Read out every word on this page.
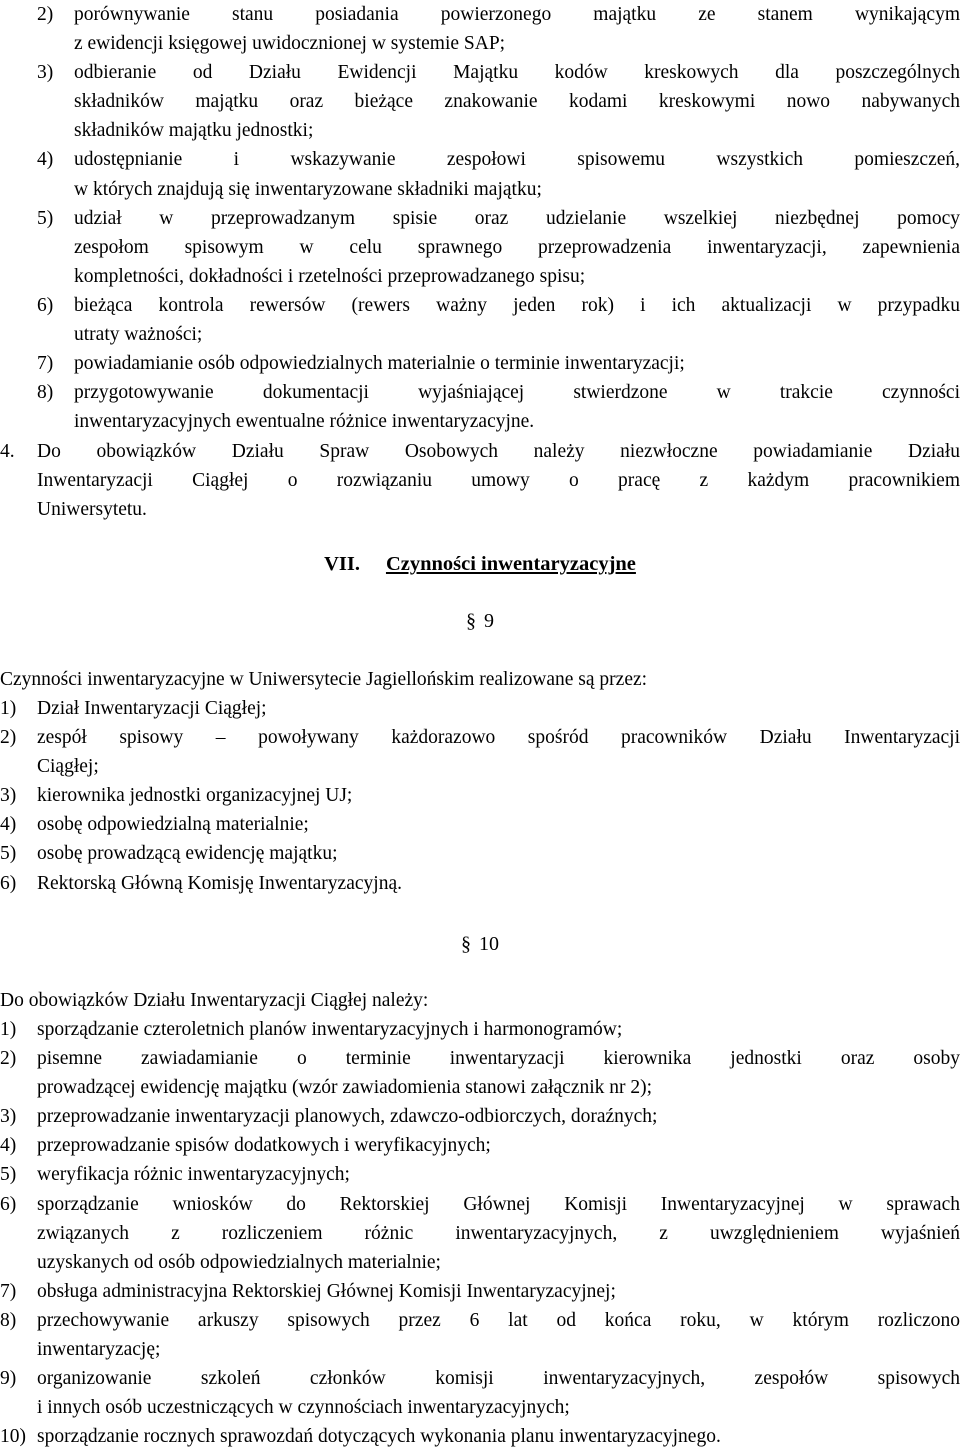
2)	porównywanie stanu posiadania powierzonego majątku ze stanem wynikającym
z ewidencji księgowej uwidocznionej w systemie SAP;
3)	odbieranie od Działu Ewidencji Majątku kodów kreskowych dla poszczególnych
składników majątku oraz bieżące znakowanie kodami kreskowymi nowo nabywanych
składników majątku jednostki;
4)	udostępnianie i wskazywanie zespołowi spisowemu wszystkich pomieszczeń,
w których znajdują się inwentaryzowane składniki majątku;
5)	udział w przeprowadzanym spisie oraz udzielanie wszelkiej niezbędnej pomocy
zespołom spisowym w celu sprawnego przeprowadzenia inwentaryzacji, zapewnienia
kompletności, dokładności i rzetelności przeprowadzanego spisu;
6)	bieżąca kontrola rewersów (rewers ważny jeden rok) i ich aktualizacji w przypadku
utraty ważności;
7)	powiadamianie osób odpowiedzialnych materialnie o terminie inwentaryzacji;
8)	przygotowywanie dokumentacji wyjaśniającej stwierdzone w trakcie czynności
inwentaryzacyjnych ewentualne różnice inwentaryzacyjne.
4.	Do obowiązków Działu Spraw Osobowych należy niezwłoczne powiadamianie Działu
Inwentaryzacji Ciągłej o rozwiązaniu umowy o pracę z każdym pracownikiem
Uniwersytetu.
VII. Czynności inwentaryzacyjne
§ 9

Czynności inwentaryzacyjne w Uniwersytecie Jagiellońskim realizowane są przez:

1)	Dział Inwentaryzacji Ciągłej;
2)	zespół spisowy – powoływany każdorazowo spośród pracowników Działu Inwentaryzacji
Ciągłej;
3)	kierownika jednostki organizacyjnej UJ;
4)	osobę odpowiedzialną materialnie;
5)	osobę prowadzącą ewidencję majątku;
6)	Rektorską Główną Komisję Inwentaryzacyjną.
§ 10

Do obowiązków Działu Inwentaryzacji Ciągłej należy:

1)	sporządzanie czteroletnich planów inwentaryzacyjnych i harmonogramów;
2)	pisemne zawiadamianie o terminie inwentaryzacji kierownika jednostki oraz osoby
prowadzącej ewidencję majątku (wzór zawiadomienia stanowi załącznik nr 2);
3)	przeprowadzanie inwentaryzacji planowych, zdawczo-odbiorczych, doraźnych;
4)	przeprowadzanie spisów dodatkowych i weryfikacyjnych;
5)	weryfikacja różnic inwentaryzacyjnych;
6)	sporządzanie wniosków do Rektorskiej Głównej Komisji Inwentaryzacyjnej w sprawach
związanych z rozliczeniem różnic inwentaryzacyjnych, z uwzględnieniem wyjaśnień
uzyskanych od osób odpowiedzialnych materialnie;
7)	obsługa administracyjna Rektorskiej Głównej Komisji Inwentaryzacyjnej;
8)	przechowywanie arkuszy spisowych przez 6 lat od końca roku, w którym rozliczono
inwentaryzację;
9)	organizowanie szkoleń członków komisji inwentaryzacyjnych, zespołów spisowych
i innych osób uczestniczących w czynnościach inwentaryzacyjnych;
10) sporządzanie rocznych sprawozdań dotyczących wykonania planu inwentaryzacyjnego.
